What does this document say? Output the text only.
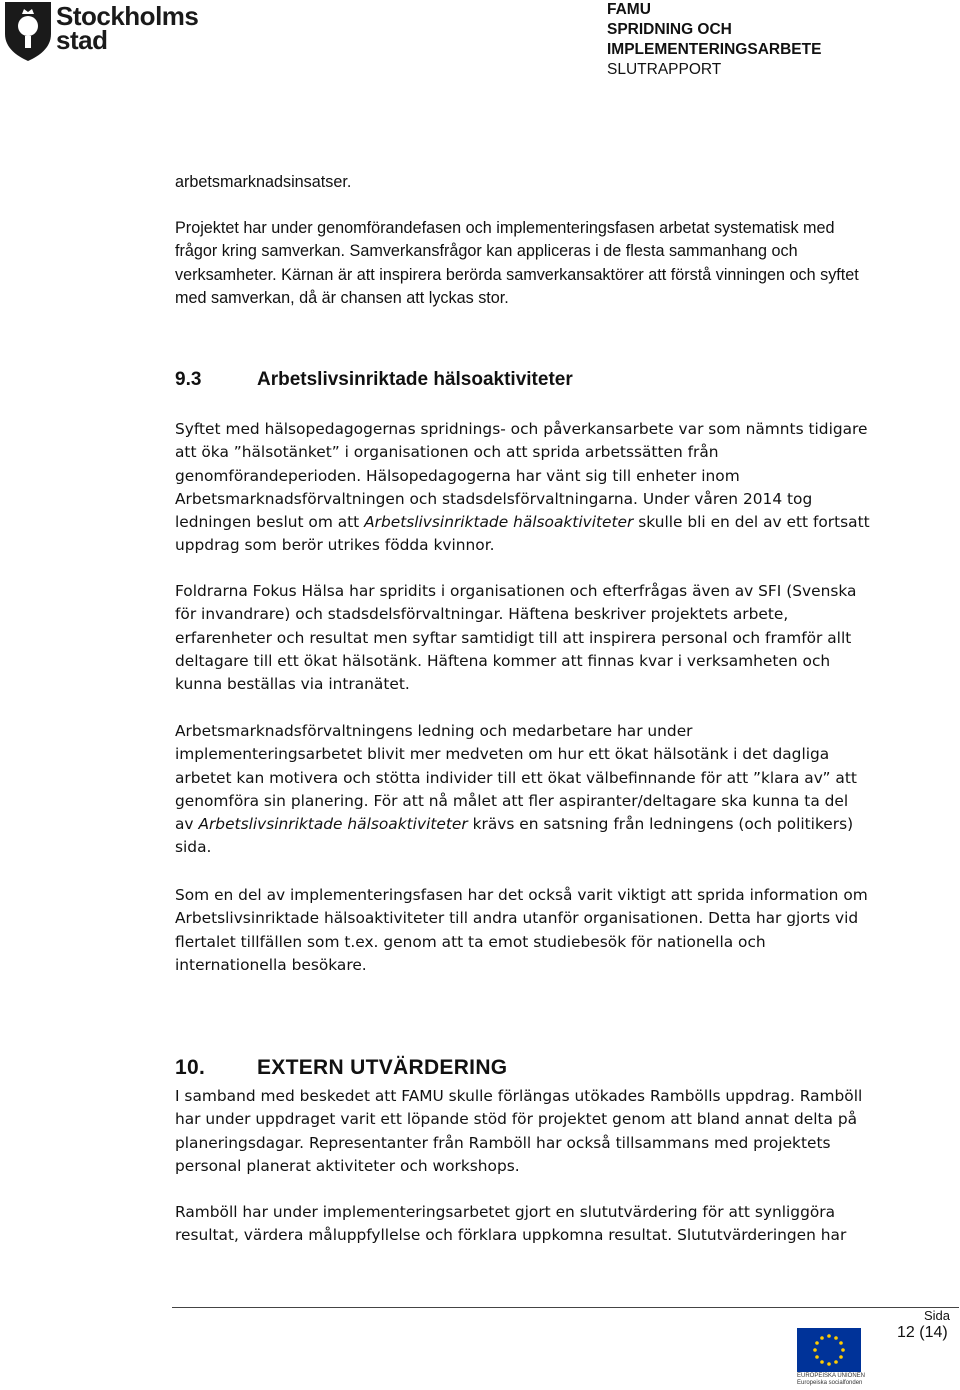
Stockholms
stad
FAMU
SPRIDNING OCH
IMPLEMENTERINGSARBETE
SLUTRAPPORT

arbetsmarknadsinsatser.

Projektet har under genomförandefasen och implementeringsfasen arbetat systematisk med frågor kring samverkan. Samverkansfrågor kan appliceras i de flesta sammanhang och verksamheter. Kärnan är att inspirera berörda samverkansaktörer att förstå vinningen och syftet med samverkan, då är chansen att lyckas stor.

9.3	Arbetslivsinriktade hälsoaktiviteter

Syftet med hälsopedagogernas spridnings- och påverkansarbete var som nämnts tidigare att öka ”hälsotänket” i organisationen och att sprida arbetssätten från genomförandeperioden. Hälsopedagogerna har vänt sig till enheter inom Arbetsmarknadsförvaltningen och stadsdelsförvaltningarna. Under våren 2014 tog ledningen beslut om att Arbetslivsinriktade hälsoaktiviteter skulle bli en del av ett fortsatt uppdrag som berör utrikes födda kvinnor.

Foldrarna Fokus Hälsa har spridits i organisationen och efterfrågas även av SFI (Svenska för invandrare) och stadsdelsförvaltningar. Häftena beskriver projektets arbete, erfarenheter och resultat men syftar samtidigt till att inspirera personal och framför allt deltagare till ett ökat hälsotänk. Häftena kommer att finnas kvar i verksamheten och kunna beställas via intranätet.

Arbetsmarknadsförvaltningens ledning och medarbetare har under implementeringsarbetet blivit mer medveten om hur ett ökat hälsotänk i det dagliga arbetet kan motivera och stötta individer till ett ökat välbefinnande för att ”klara av” att genomföra sin planering. För att nå målet att fler aspiranter/deltagare ska kunna ta del av Arbetslivsinriktade hälsoaktiviteter krävs en satsning från ledningens (och politikers) sida.

Som en del av implementeringsfasen har det också varit viktigt att sprida information om Arbetslivsinriktade hälsoaktiviteter till andra utanför organisationen. Detta har gjorts vid flertalet tillfällen som t.ex. genom att ta emot studiebesök för nationella och internationella besökare.

10. EXTERN UTVÄRDERING

I samband med beskedet att FAMU skulle förlängas utökades Rambölls uppdrag. Ramböll har under uppdraget varit ett löpande stöd för projektet genom att bland annat delta på planeringsdagar. Representanter från Ramböll har också tillsammans med projektets personal planerat aktiviteter och workshops.

Ramböll har under implementeringsarbetet gjort en slututvärdering för att synliggöra resultat, värdera måluppfyllelse och förklara uppkomna resultat. Slututvärderingen har

Sida
12 (14)
EUROPEISKA UNIONEN
Europeiska socialfonden
